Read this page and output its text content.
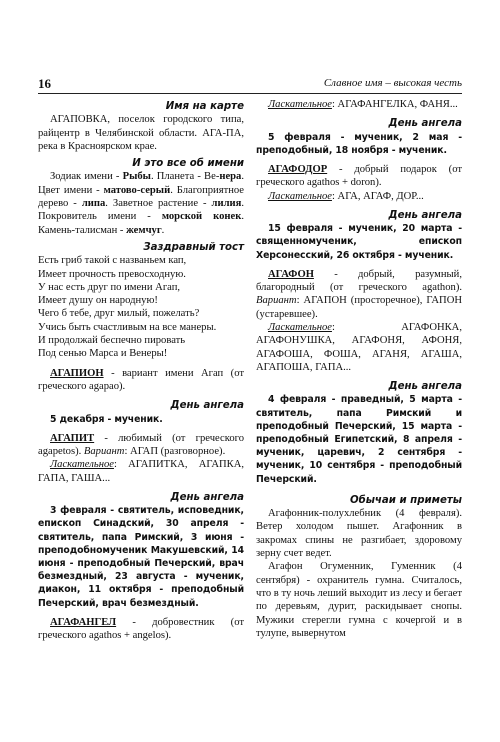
16	Славное имя – высокая честь
Имя на карте

АГАПОВКА, поселок городского типа, райцентр в Челябинской области. АГА-ПА, река в Красноярском крае.

И это все об имени

Зодиак имени - Рыбы. Планета - Ве-нера. Цвет имени - матово-серый. Благоприятное дерево - липа. Заветное растение - лилия. Покровитель имени - морской конек. Камень-талисман - жемчуг.

Заздравный тост
Есть гриб такой с названьем кап,
Имеет прочность превосходную.
У нас есть друг по имени Агап,
Имеет душу он народную!
Чего б тебе, друг милый, пожелать?
Учись быть счастливым на все манеры.
И продолжай беспечно пировать
Под сенью Марса и Венеры!

АГАПИОН - вариант имени Агап (от греческого agapao).

День ангела

5 декабря - мученик.

АГАПИТ - любимый (от греческого agapetos). Вариант: АГАП (разговорное).

Ласкательное: АГАПИТКА, АГАПКА, ГАПА, ГАША...

День ангела

3 февраля - святитель, исповедник, епископ Синадский, 30 апреля - святитель, папа Римский, 3 июня - преподобномученик Макушевский, 14 июня - преподобный Печерский, врач безмездный, 23 августа - мученик, диакон, 11 октября - преподобный Печерский, врач безмездный.

АГАФАНГЕЛ - добровестник (от греческого agathos + angelos).

Ласкательное: АГАФАНГЕЛКА, ФАНЯ...

День ангела

5 февраля - мученик, 2 мая - преподобный, 18 ноября - мученик.

АГАФОДОР - добрый подарок (от греческого agathos + doron).

Ласкательное: АГА, АГАФ, ДОР...

День ангела

15 февраля - мученик, 20 марта - священномученик, епископ Херсонесский, 26 октября - мученик.

АГАФОН - добрый, разумный, благородный (от греческого agathon). Вариант: АГАПОН (просторечное), ГАПОН (устаревшее).

Ласкательное: АГАФОНКА, АГАФОНУШКА, АГАФОНЯ, АФОНЯ, АГАФОША, ФОША, АГАНЯ, АГАША, АГАПОША, ГАПА...

День ангела

4 февраля - праведный, 5 марта - святитель, папа Римский и преподобный Печерский, 15 марта - преподобный Египетский, 8 апреля - мученик, царевич, 2 сентября - мученик, 10 сентября - преподобный Печерский.

Обычаи и приметы

Агафонник-полухлебник (4 февраля). Ветер холодом пышет. Агафонник в закромах спины не разгибает, здоровому зерну счет ведет.

Агафон Огуменник, Гуменник (4 сентября) - охранитель гумна. Считалось, что в ту ночь леший выходит из лесу и бегает по деревьям, дурит, раскидывает снопы. Мужики стерегли гумна с кочергой и в тулупе, вывернутом
